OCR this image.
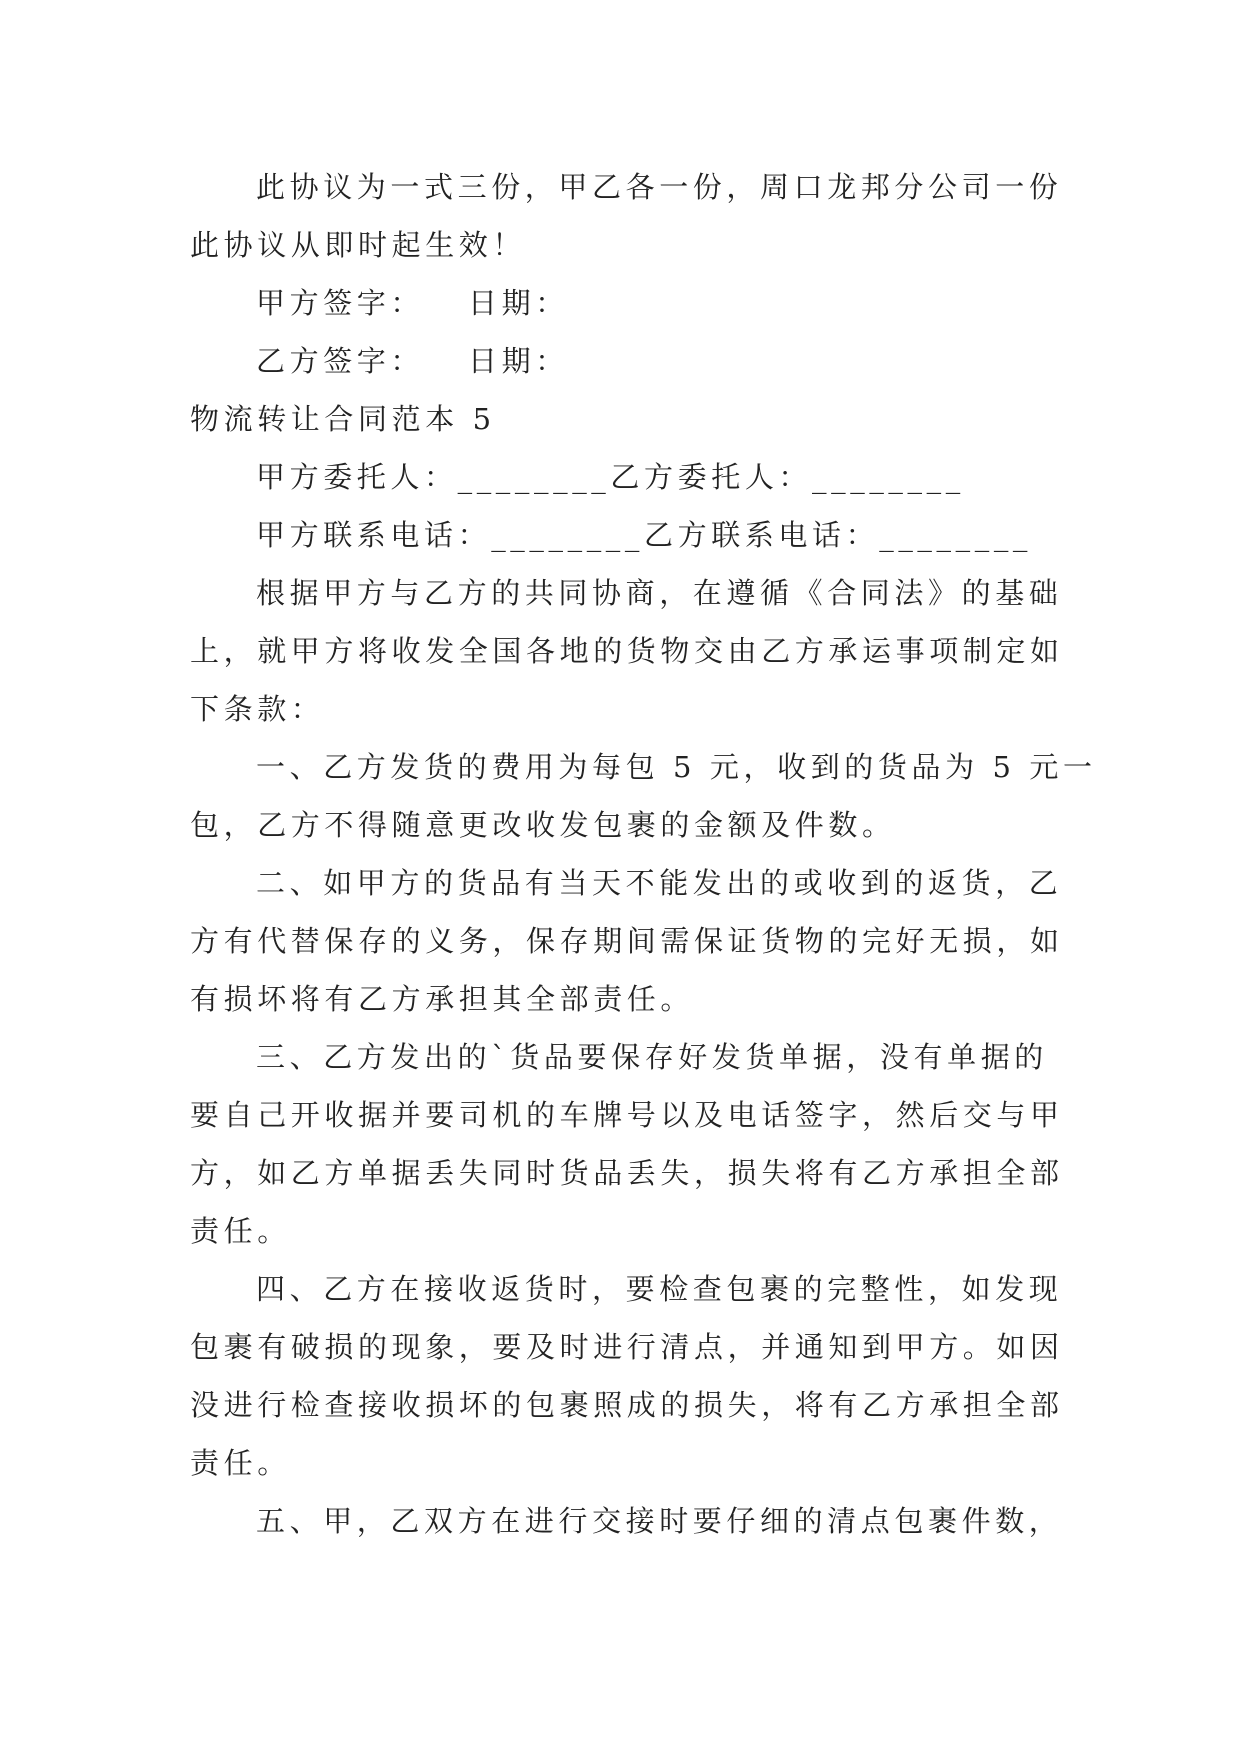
此协议为一式三份，甲乙各一份，周口龙邦分公司一份

此协议从即时起生效！

甲方签字： 日期：

乙方签字： 日期：

物流转让合同范本 5

甲方委托人：________乙方委托人：________

甲方联系电话：________乙方联系电话：________

根据甲方与乙方的共同协商，在遵循《合同法》的基础

上，就甲方将收发全国各地的货物交由乙方承运事项制定如

下条款：

一、乙方发货的费用为每包 5 元，收到的货品为 5 元一

包，乙方不得随意更改收发包裹的金额及件数。

二、如甲方的货品有当天不能发出的或收到的返货，乙

方有代替保存的义务，保存期间需保证货物的完好无损，如

有损坏将有乙方承担其全部责任。

三、乙方发出的`货品要保存好发货单据，没有单据的

要自己开收据并要司机的车牌号以及电话签字，然后交与甲

方，如乙方单据丢失同时货品丢失，损失将有乙方承担全部

责任。

四、乙方在接收返货时，要检查包裹的完整性，如发现

包裹有破损的现象，要及时进行清点，并通知到甲方。如因

没进行检查接收损坏的包裹照成的损失，将有乙方承担全部

责任。

五、甲，乙双方在进行交接时要仔细的清点包裹件数，
